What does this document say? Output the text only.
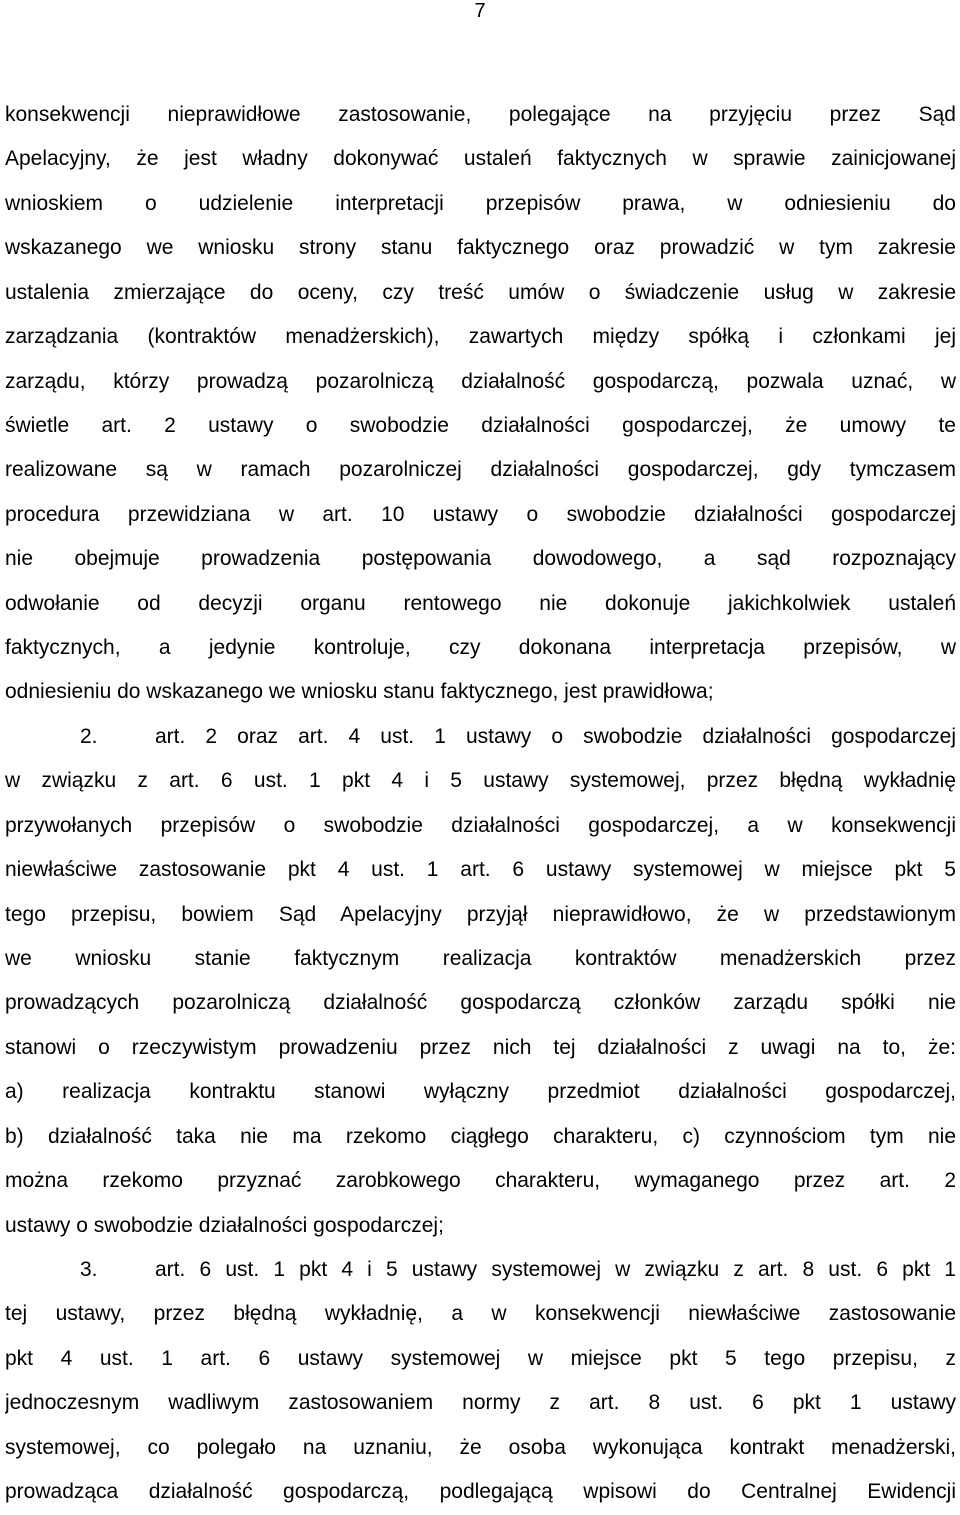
7
konsekwencji nieprawidłowe zastosowanie, polegające na przyjęciu przez Sąd
Apelacyjny, że jest władny dokonywać ustaleń faktycznych w sprawie zainicjowanej
wnioskiem o udzielenie interpretacji przepisów prawa, w odniesieniu do
wskazanego we wniosku strony stanu faktycznego oraz prowadzić w tym zakresie
ustalenia zmierzające do oceny, czy treść umów o świadczenie usług w zakresie
zarządzania (kontraktów menadżerskich), zawartych między spółką i członkami jej
zarządu, którzy prowadzą pozarolniczą działalność gospodarczą, pozwala uznać, w
świetle art. 2 ustawy o swobodzie działalności gospodarczej, że umowy te
realizowane są w ramach pozarolniczej działalności gospodarczej, gdy tymczasem
procedura przewidziana w art. 10 ustawy o swobodzie działalności gospodarczej
nie obejmuje prowadzenia postępowania dowodowego, a sąd rozpoznający
odwołanie od decyzji organu rentowego nie dokonuje jakichkolwiek ustaleń
faktycznych, a jedynie kontroluje, czy dokonana interpretacja przepisów, w
odniesieniu do wskazanego we wniosku stanu faktycznego, jest prawidłowa;
2.	art. 2 oraz art. 4 ust. 1 ustawy o swobodzie działalności gospodarczej
w związku z art. 6 ust. 1 pkt 4 i 5 ustawy systemowej, przez błędną wykładnię
przywołanych przepisów o swobodzie działalności gospodarczej, a w konsekwencji
niewłaściwe zastosowanie pkt 4 ust. 1 art. 6 ustawy systemowej w miejsce pkt 5
tego przepisu, bowiem Sąd Apelacyjny przyjął nieprawidłowo, że w przedstawionym
we wniosku stanie faktycznym realizacja kontraktów menadżerskich przez
prowadzących pozarolniczą działalność gospodarczą członków zarządu spółki nie
stanowi o rzeczywistym prowadzeniu przez nich tej działalności z uwagi na to, że:
a) realizacja kontraktu stanowi wyłączny przedmiot działalności gospodarczej,
b) działalność taka nie ma rzekomo ciągłego charakteru, c) czynnościom tym nie
można rzekomo przyznać zarobkowego charakteru, wymaganego przez art. 2
ustawy o swobodzie działalności gospodarczej;
3.	art. 6 ust. 1 pkt 4 i 5 ustawy systemowej w związku z art. 8 ust. 6 pkt 1
tej ustawy, przez błędną wykładnię, a w konsekwencji niewłaściwe zastosowanie
pkt 4 ust. 1 art. 6 ustawy systemowej w miejsce pkt 5 tego przepisu, z
jednoczesnym wadliwym zastosowaniem normy z art. 8 ust. 6 pkt 1 ustawy
systemowej, co polegało na uznaniu, że osoba wykonująca kontrakt menadżerski,
prowadząca działalność gospodarczą, podlegającą wpisowi do Centralnej Ewidencji
